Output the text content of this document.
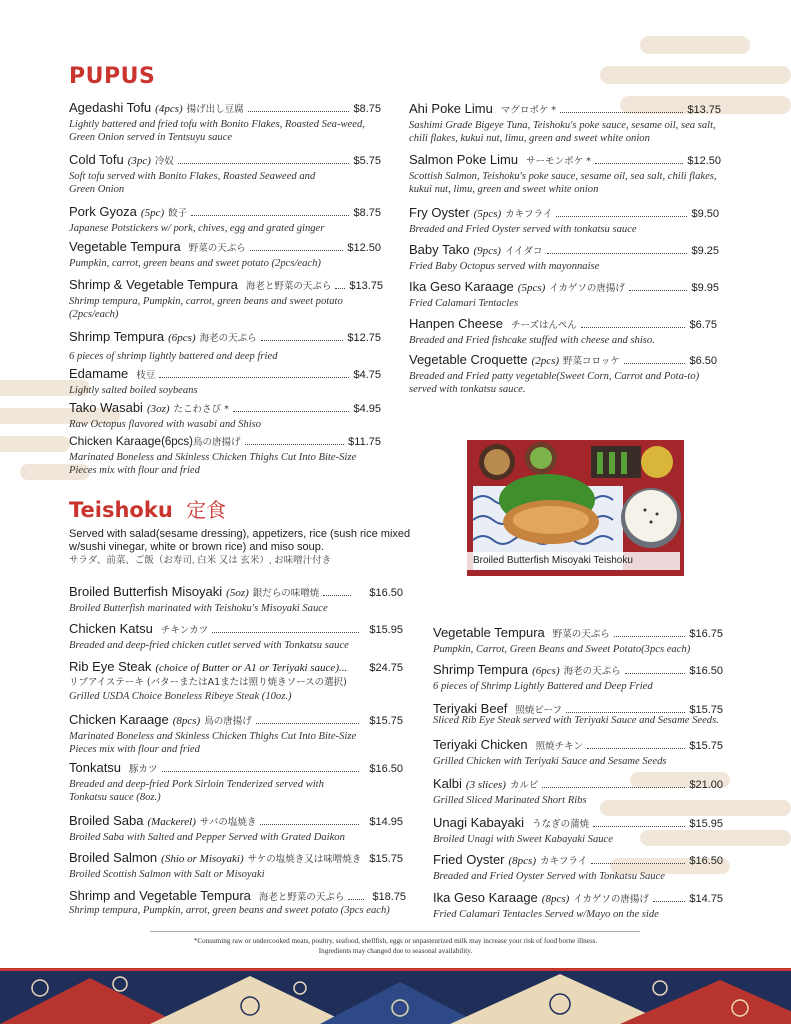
PUPUS
Agedashi Tofu (4pcs) 揚げ出し豆腐	$8.75
Lightly battered and fried tofu with Bonito Flakes, Roasted Sea-weed, Green Onion served in Tentsuyu sauce
Cold Tofu (3pc) 冷奴	$5.75
Soft tofu served with Bonito Flakes, Roasted Seaweed and Green Onion
Pork Gyoza (5pc) 餃子	$8.75
Japanese Potstickers w/ pork, chives, egg and grated ginger
Vegetable Tempura 野菜の天ぷら	$12.50
Pumpkin, carrot, green beans and sweet potato (2pcs/each)
Shrimp & Vegetable Tempura 海老と野菜の天ぷら $13.75
Shrimp tempura, Pumpkin, carrot, green beans and sweet potato (2pcs/each)
Shrimp Tempura (6pcs) 海老の天ぷら	$12.75
6 pieces of shrimp lightly battered and deep fried
Edamame 枝豆	$4.75
Lightly salted boiled soybeans
Tako Wasabi (3oz) たこわさび *	$4.95
Raw Octopus flavored with wasabi and Shiso
Chicken Karaage (6pcs) 鳥の唐揚げ	$11.75
Marinated Boneless and Skinless Chicken Thighs Cut Into Bite-Size Pieces mix with flour and fried
Ahi Poke Limu マグロポケ *	$13.75
Sashimi Grade Bigeye Tuna, Teishoku's poke sauce, sesame oil, sea salt, chili flakes, kukui nut, limu, green and sweet white onion
Salmon Poke Limu サーモンポケ *	$12.50
Scottish Salmon, Teishoku's poke sauce, sesame oil, sea salt, chili flakes, kukui nut, limu, green and sweet white onion
Fry Oyster (5pcs) カキフライ	$9.50
Breaded and Fried Oyster served with tonkatsu sauce
Baby Tako (9pcs) イイダコ	$9.25
Fried Baby Octopus served with mayonnaise
Ika Geso Karaage (5pcs) イカゲソの唐揚げ	$9.95
Fried Calamari Tentacles
Hanpen Cheese チーズはんぺん	$6.75
Breaded and Fried fishcake stuffed with cheese and shiso.
Vegetable Croquette (2pcs) 野菜コロッケ	$6.50
Breaded and Fried patty vegetable(Sweet Corn, Carrot and Pota-to) served with tonkatsu sauce.
Teishoku 定食
Served with salad(sesame dressing), appetizers, rice (sush rice mixed w/sushi vinegar, white or brown rice) and miso soup.
サラダ、前菜、ご飯（お寿司, 白米 又は 玄米）, お味噌汁付き	Broiled Butterfish Misoyaki Teishoku
Broiled Butterfish Misoyaki (5oz) 銀だらの味噌焼	$16.50
Broiled Butterfish marinated with Teishoku's Misoyaki Sauce
Chicken Katsu チキンカツ	$15.95
Breaded and deep-fried chicken cutlet served with Tonkatsu sauce
Rib Eye Steak (choice of Butter or A1 or Teriyaki sauce)... $24.75
リブアイステーキ (バターまたはA1または照り焼きソースの選択)
Grilled USDA Choice Boneless Ribeye Steak (10oz.)
Chicken Karaage (8pcs) 鳥の唐揚げ	$15.75
Marinated Boneless and Skinless Chicken Thighs Cut Into Bite-Size Pieces mix with flour and fried
Tonkatsu 豚カツ	$16.50
Breaded and deep-fried Pork Sirloin Tenderized served with Tonkatsu sauce (8oz.)
Broiled Saba (Mackerel) サバの塩焼き	$14.95
Broiled Saba with Salted and Pepper Served with Grated Daikon
Broiled Salmon (Shio or Misoyaki) サケの塩焼き又は味噌焼き $15.75
Broiled Scottish Salmon with Salt or Misoyaki
Shrimp and Vegetable Tempura 海老と野菜の天ぷら	$18.75
Shrimp tempura, Pumpkin, arrot, green beans and sweet potato (3pcs each)
Vegetable Tempura 野菜の天ぷら	$16.75
Pumpkin, Carrot, Green Beans and Sweet Potato(3pcs each)
Shrimp Tempura (6pcs) 海老の天ぷら	$16.50
6 pieces of Shrimp Lightly Battered and Deep Fried
Teriyaki Beef 照焼ビーフ	$15.75
Sliced Rib Eye Steak served with Teriyaki Sauce and Sesame Seeds.
Teriyaki Chicken 照焼チキン	$15.75
Grilled Chicken with Teriyaki Sauce and Sesame Seeds
Kalbi (3 slices) カルビ	$21.00
Grilled Sliced Marinated Short Ribs
Unagi Kabayaki うなぎの蒲焼	$15.95
Broiled Unagi with Sweet Kabayaki Sauce
Fried Oyster (8pcs) カキフライ	$16.50
Breaded and Fried Oyster Served with Tonkatsu Sauce
Ika Geso Karaage (8pcs) イカゲソの唐揚げ	$14.75
Fried Calamari Tentacles Served w/Mayo on the side
*Consuming raw or undercooked meats, poultry, seafood, shellfish, eggs or unpasteurized milk may increase your risk of food borne illness.
Ingredients may changed due to seasonal availability.
